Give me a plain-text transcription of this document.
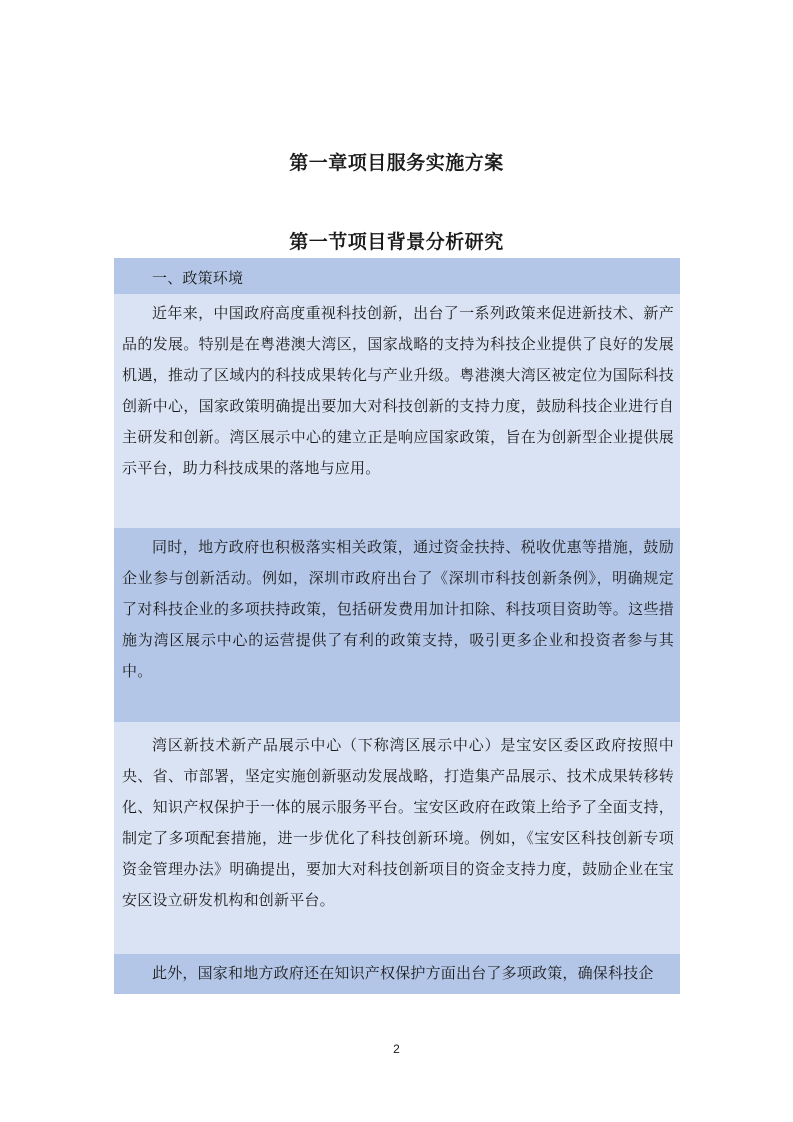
第一章项目服务实施方案
第一节项目背景分析研究
一、政策环境
近年来，中国政府高度重视科技创新，出台了一系列政策来促进新技术、新产品的发展。特别是在粤港澳大湾区，国家战略的支持为科技企业提供了良好的发展机遇，推动了区域内的科技成果转化与产业升级。粤港澳大湾区被定位为国际科技创新中心，国家政策明确提出要加大对科技创新的支持力度，鼓励科技企业进行自主研发和创新。湾区展示中心的建立正是响应国家政策，旨在为创新型企业提供展示平台，助力科技成果的落地与应用。
同时，地方政府也积极落实相关政策，通过资金扶持、税收优惠等措施，鼓励企业参与创新活动。例如，深圳市政府出台了《深圳市科技创新条例》，明确规定了对科技企业的多项扶持政策，包括研发费用加计扣除、科技项目资助等。这些措施为湾区展示中心的运营提供了有利的政策支持，吸引更多企业和投资者参与其中。
湾区新技术新产品展示中心（下称湾区展示中心）是宝安区委区政府按照中央、省、市部署，坚定实施创新驱动发展战略，打造集产品展示、技术成果转移转化、知识产权保护于一体的展示服务平台。宝安区政府在政策上给予了全面支持，制定了多项配套措施，进一步优化了科技创新环境。例如，《宝安区科技创新专项资金管理办法》明确提出，要加大对科技创新项目的资金支持力度，鼓励企业在宝安区设立研发机构和创新平台。
此外，国家和地方政府还在知识产权保护方面出台了多项政策，确保科技企
2
